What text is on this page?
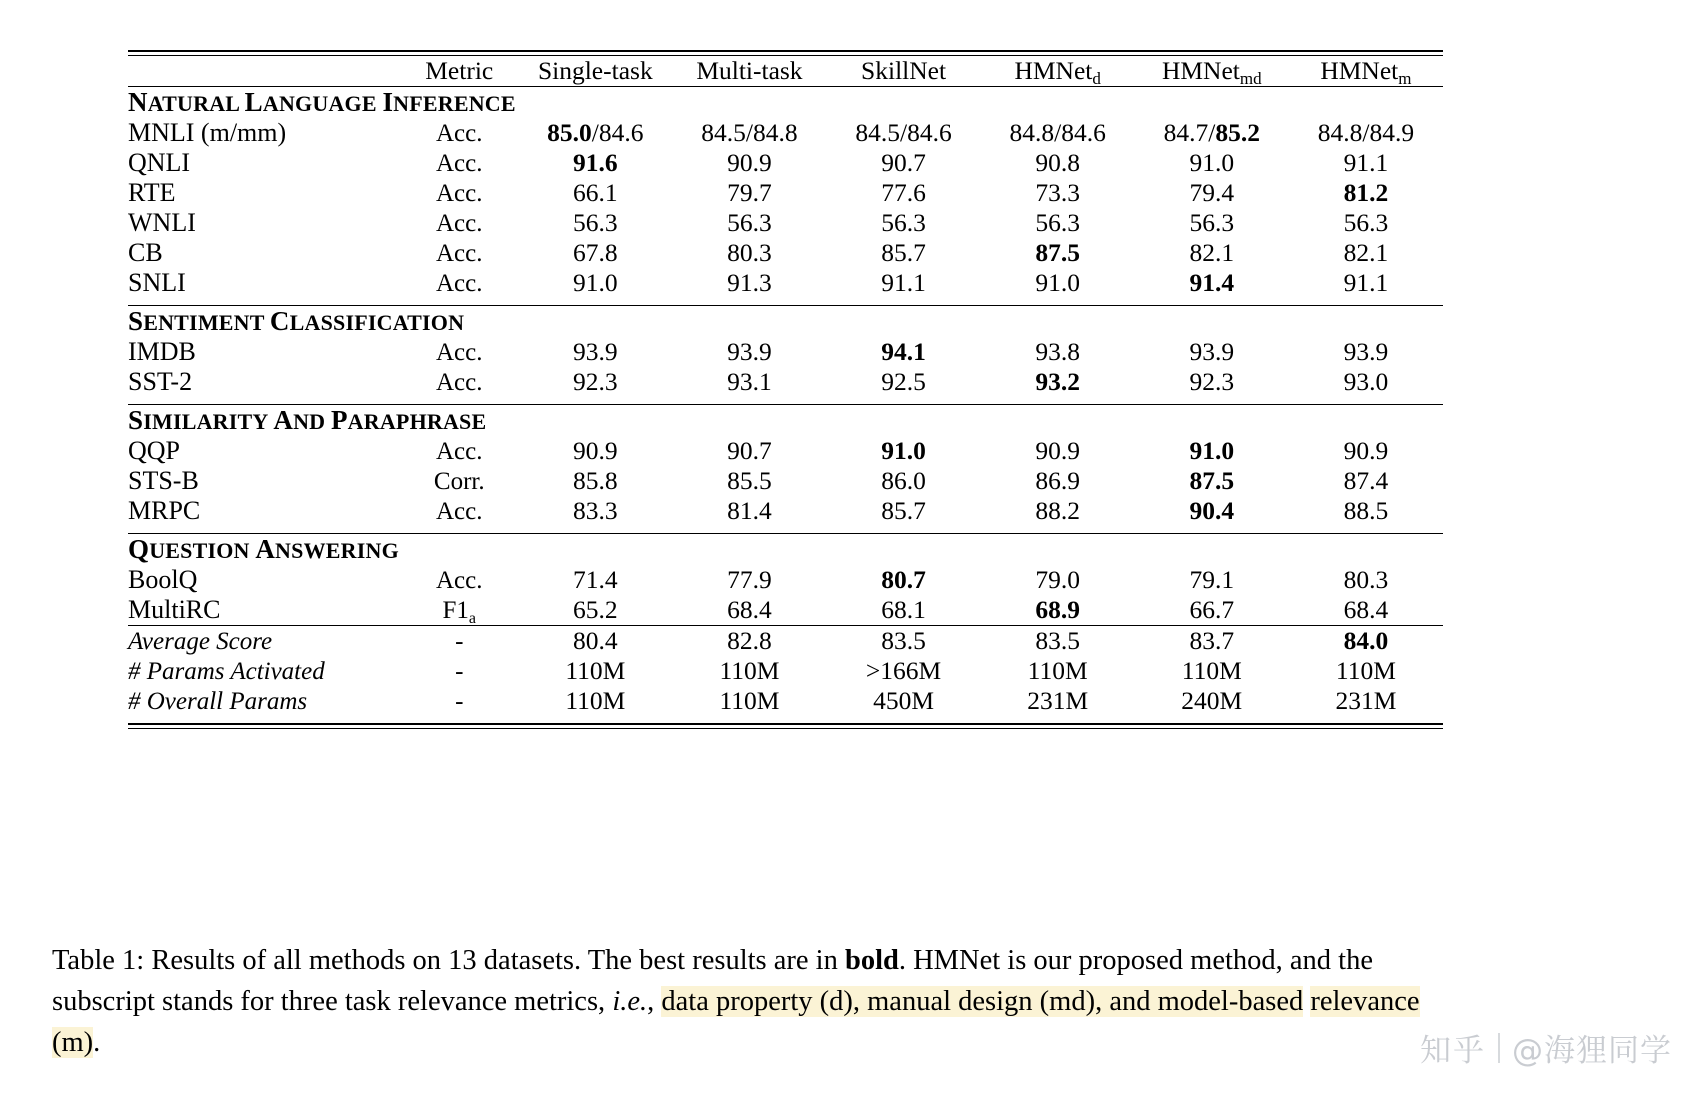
	Metric	Single-task	Multi-task	SkillNet	HMNetd	HMNetmd	HMNetm

NATURAL LANGUAGE INFERENCE							
MNLI (m/mm)	Acc.	85.0/84.6	84.5/84.8	84.5/84.6	84.8/84.6	84.7/85.2	84.8/84.9
QNLI	Acc.	91.6	90.9	90.7	90.8	91.0	91.1
RTE	Acc.	66.1	79.7	77.6	73.3	79.4	81.2
WNLI	Acc.	56.3	56.3	56.3	56.3	56.3	56.3
CB	Acc.	67.8	80.3	85.7	87.5	82.1	82.1
SNLI	Acc.	91.0	91.3	91.1	91.0	91.4	91.1

SENTIMENT CLASSIFICATION							
IMDB	Acc.	93.9	93.9	94.1	93.8	93.9	93.9
SST-2	Acc.	92.3	93.1	92.5	93.2	92.3	93.0

SIMILARITY AND PARAPHRASE							
QQP	Acc.	90.9	90.7	91.0	90.9	91.0	90.9
STS-B	Corr.	85.8	85.5	86.0	86.9	87.5	87.4
MRPC	Acc.	83.3	81.4	85.7	88.2	90.4	88.5

QUESTION ANSWERING							
BoolQ	Acc.	71.4	77.9	80.7	79.0	79.1	80.3
MultiRC	$F1_a$	65.2	68.4	68.1	68.9	66.7	68.4

Average Score	-	80.4	82.8	83.5	83.5	83.7	84.0
# Params Activated	-	110M	110M	>166M	110M	110M	110M
# Overall Params	-	110M	110M	450M	231M	240M	231M

Table 1: Results of all methods on 13 datasets. The best results are in bold. HMNet is our proposed method, and the subscript stands for three task relevance metrics, i.e., data property (d), manual design (md), and model-based relevance (m).	知乎 @海狸同学
